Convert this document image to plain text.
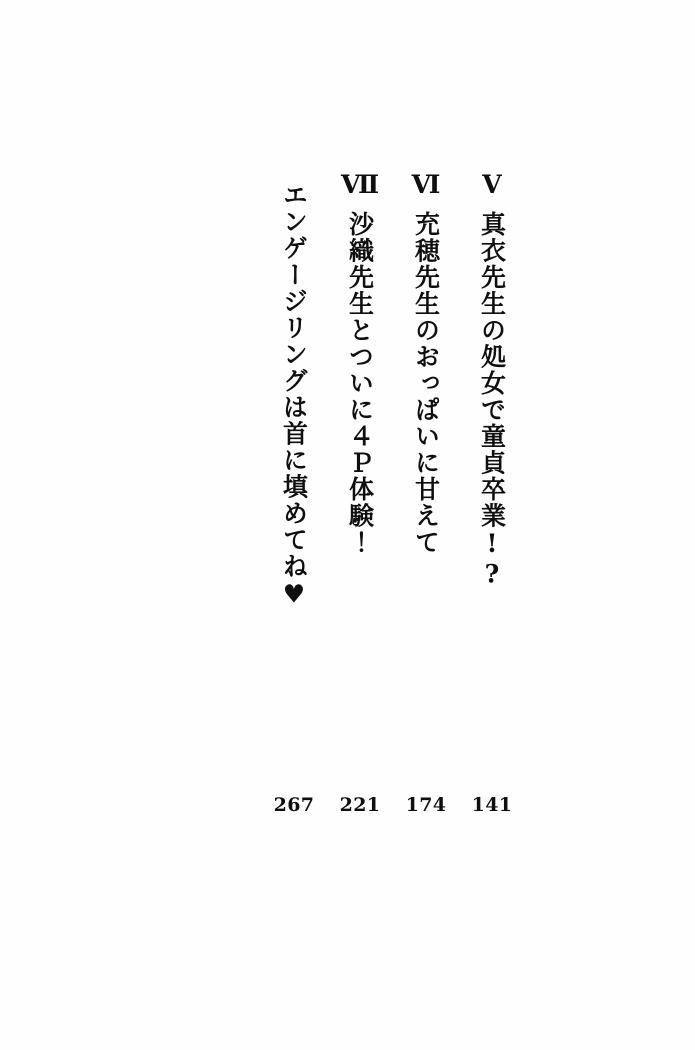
Ⅴ
真衣先生の処女で童貞卒業!?
Ⅵ
充穂先生のおっぱいに甘えて
Ⅶ
沙織先生とついに４Ｐ体験！
エンゲージリングは首に填めてね♥
141
174
221
267
